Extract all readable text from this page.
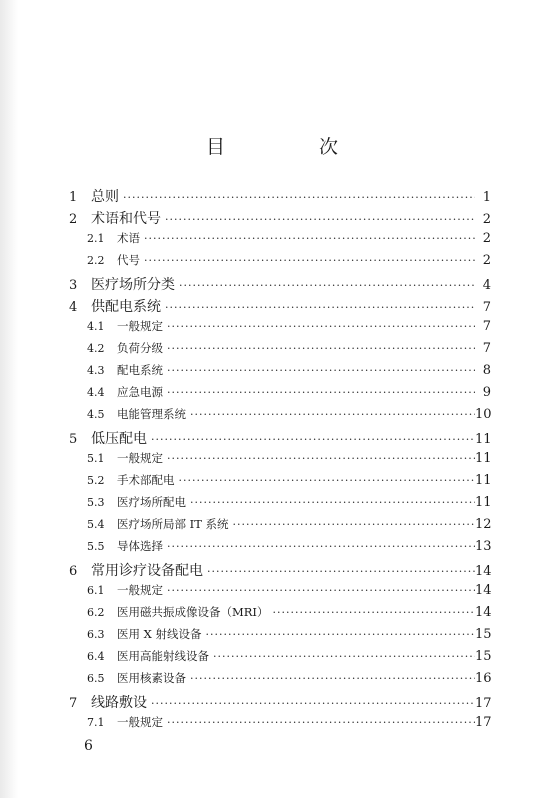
目 次
1 总则 ·····	1
2 术语和代号 ·····	2
2.1	术语 ·····	2
2.2	代号 ·····	2
3 医疗场所分类 ·····	4
4 供配电系统 ·····	7
4.1	一般规定 ·····	7
4.2	负荷分级 ·····	7
4.3	配电系统 ·····	8
4.4	应急电源 ·····	9
4.5	电能管理系统 ·····	10
5 低压配电 ·····	11
5.1	一般规定 ·····	11
5.2	手术部配电 ·····	11
5.3	医疗场所配电 ·····	11
5.4	医疗场所局部 IT 系统 ·····	12
5.5	导体选择 ·····	13
6 常用诊疗设备配电 ·····	14
6.1	一般规定 ·····	14
6.2	医用磁共振成像设备（MRI） ·····	14
6.3	医用 X 射线设备 ·····	15
6.4	医用高能射线设备 ·····	15
6.5	医用核素设备 ·····	16
7 线路敷设 ·····	17
7.1	一般规定 ·····	17
6
